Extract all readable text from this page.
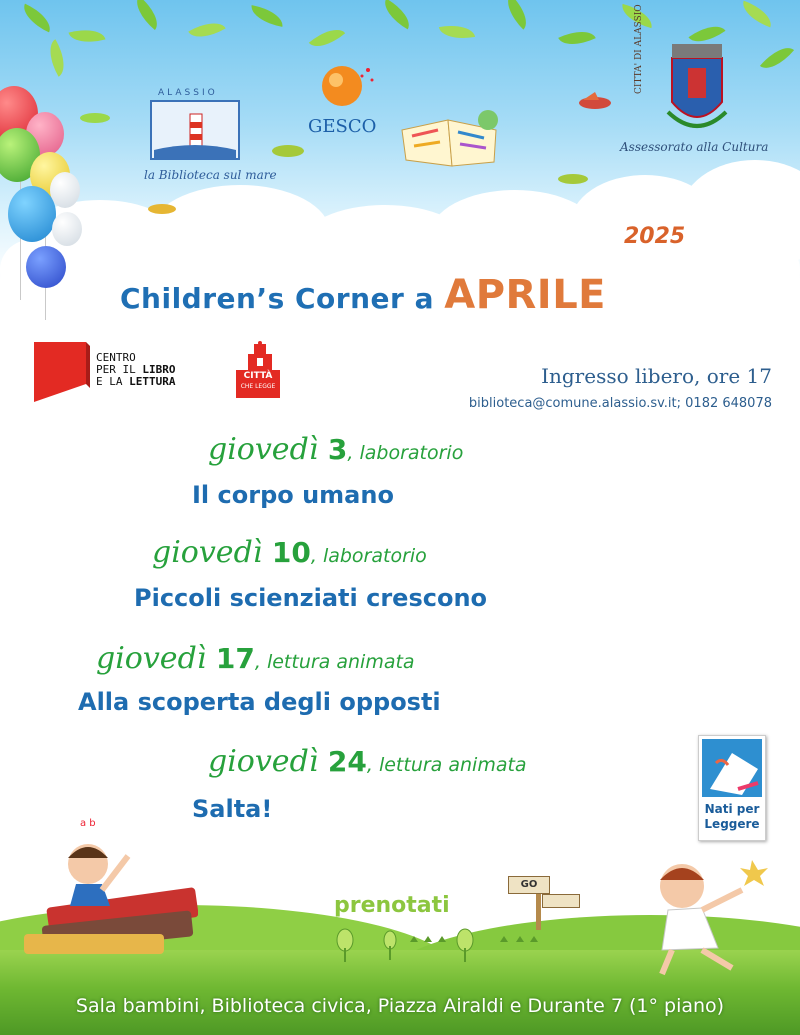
ALASSIO
la Biblioteca sul mare
GESCO
CITTA' DI ALASSIO
Assessorato alla Cultura
2025
Children’s Corner a APRILE
CENTRO
PER IL LIBRO
E LA LETTURA	CITTÀ
CHE LEGGE	Ingresso libero, ore 17
biblioteca@comune.alassio.sv.it; 0182 648078
giovedì 3, laboratorio
Il corpo umano
giovedì 10, laboratorio
Piccoli scienziati crescono
giovedì 17, lettura animata
Alla scoperta degli opposti
giovedì 24, lettura animata
Salta!	Nati per
Leggere
GO
a b
prenotati
Sala bambini, Biblioteca civica, Piazza Airaldi e Durante 7 (1° piano)
